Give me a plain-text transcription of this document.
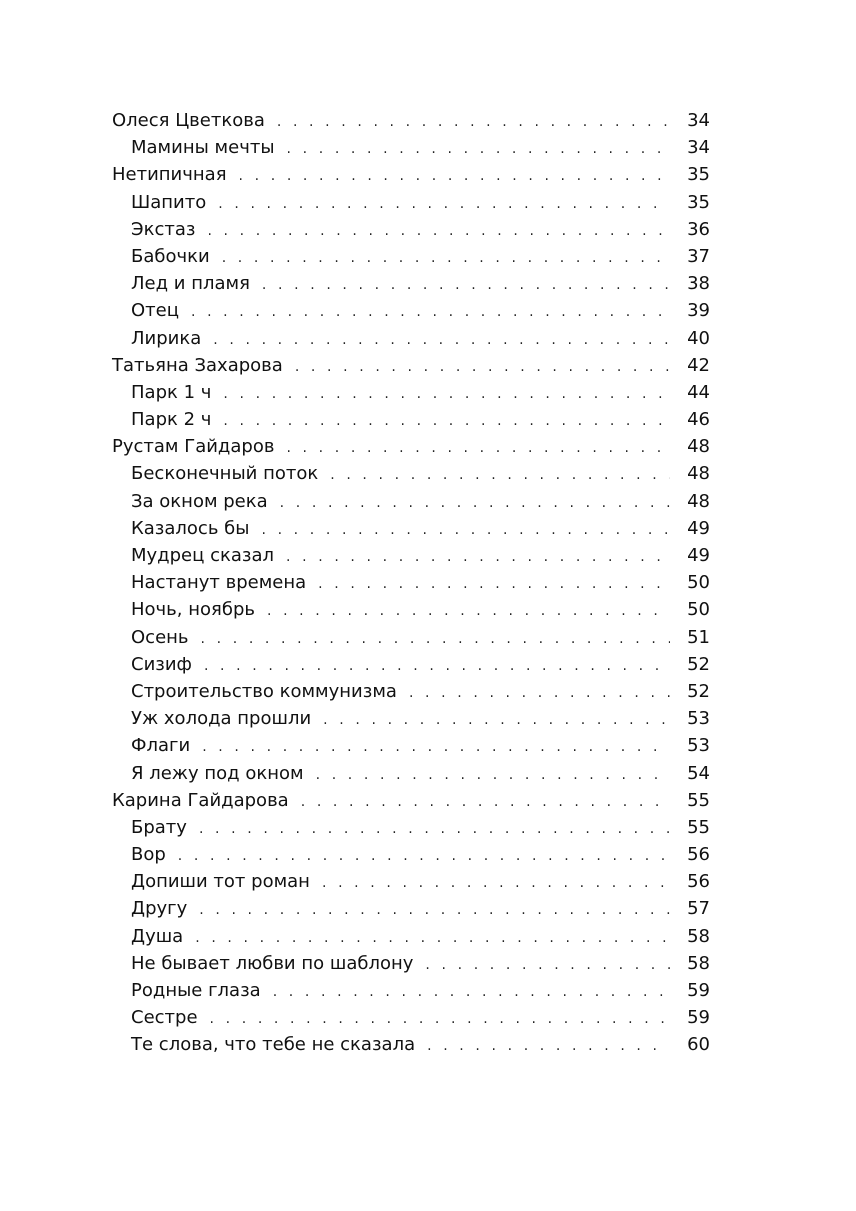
Олеся Цветкова . . .	34
Мамины мечты . . .	34
Нетипичная . . .	35
Шапито . . .	35
Экстаз . . .	36
Бабочки . . .	37
Лед и пламя . . .	38
Отец . . .	39
Лирика . . .	40
Татьяна Захарова . . .	42
Парк 1 ч . . .	44
Парк 2 ч . . .	46
Рустам Гайдаров . . .	48
Бесконечный поток . . .	48
За окном река . . .	48
Казалось бы . . .	49
Мудрец сказал . . .	49
Настанут времена . . .	50
Ночь, ноябрь . . .	50
Осень . . .	51
Сизиф . . .	52
Строительство коммунизма . . .	52
Уж холода прошли . . .	53
Флаги . . .	53
Я лежу под окном . . .	54
Карина Гайдарова . . .	55
Брату . . .	55
Вор . . .	56
Допиши тот роман . . .	56
Другу . . .	57
Душа . . .	58
Не бывает любви по шаблону . . .	58
Родные глаза . . .	59
Сестре . . .	59
Те слова, что тебе не сказала . . .	60
